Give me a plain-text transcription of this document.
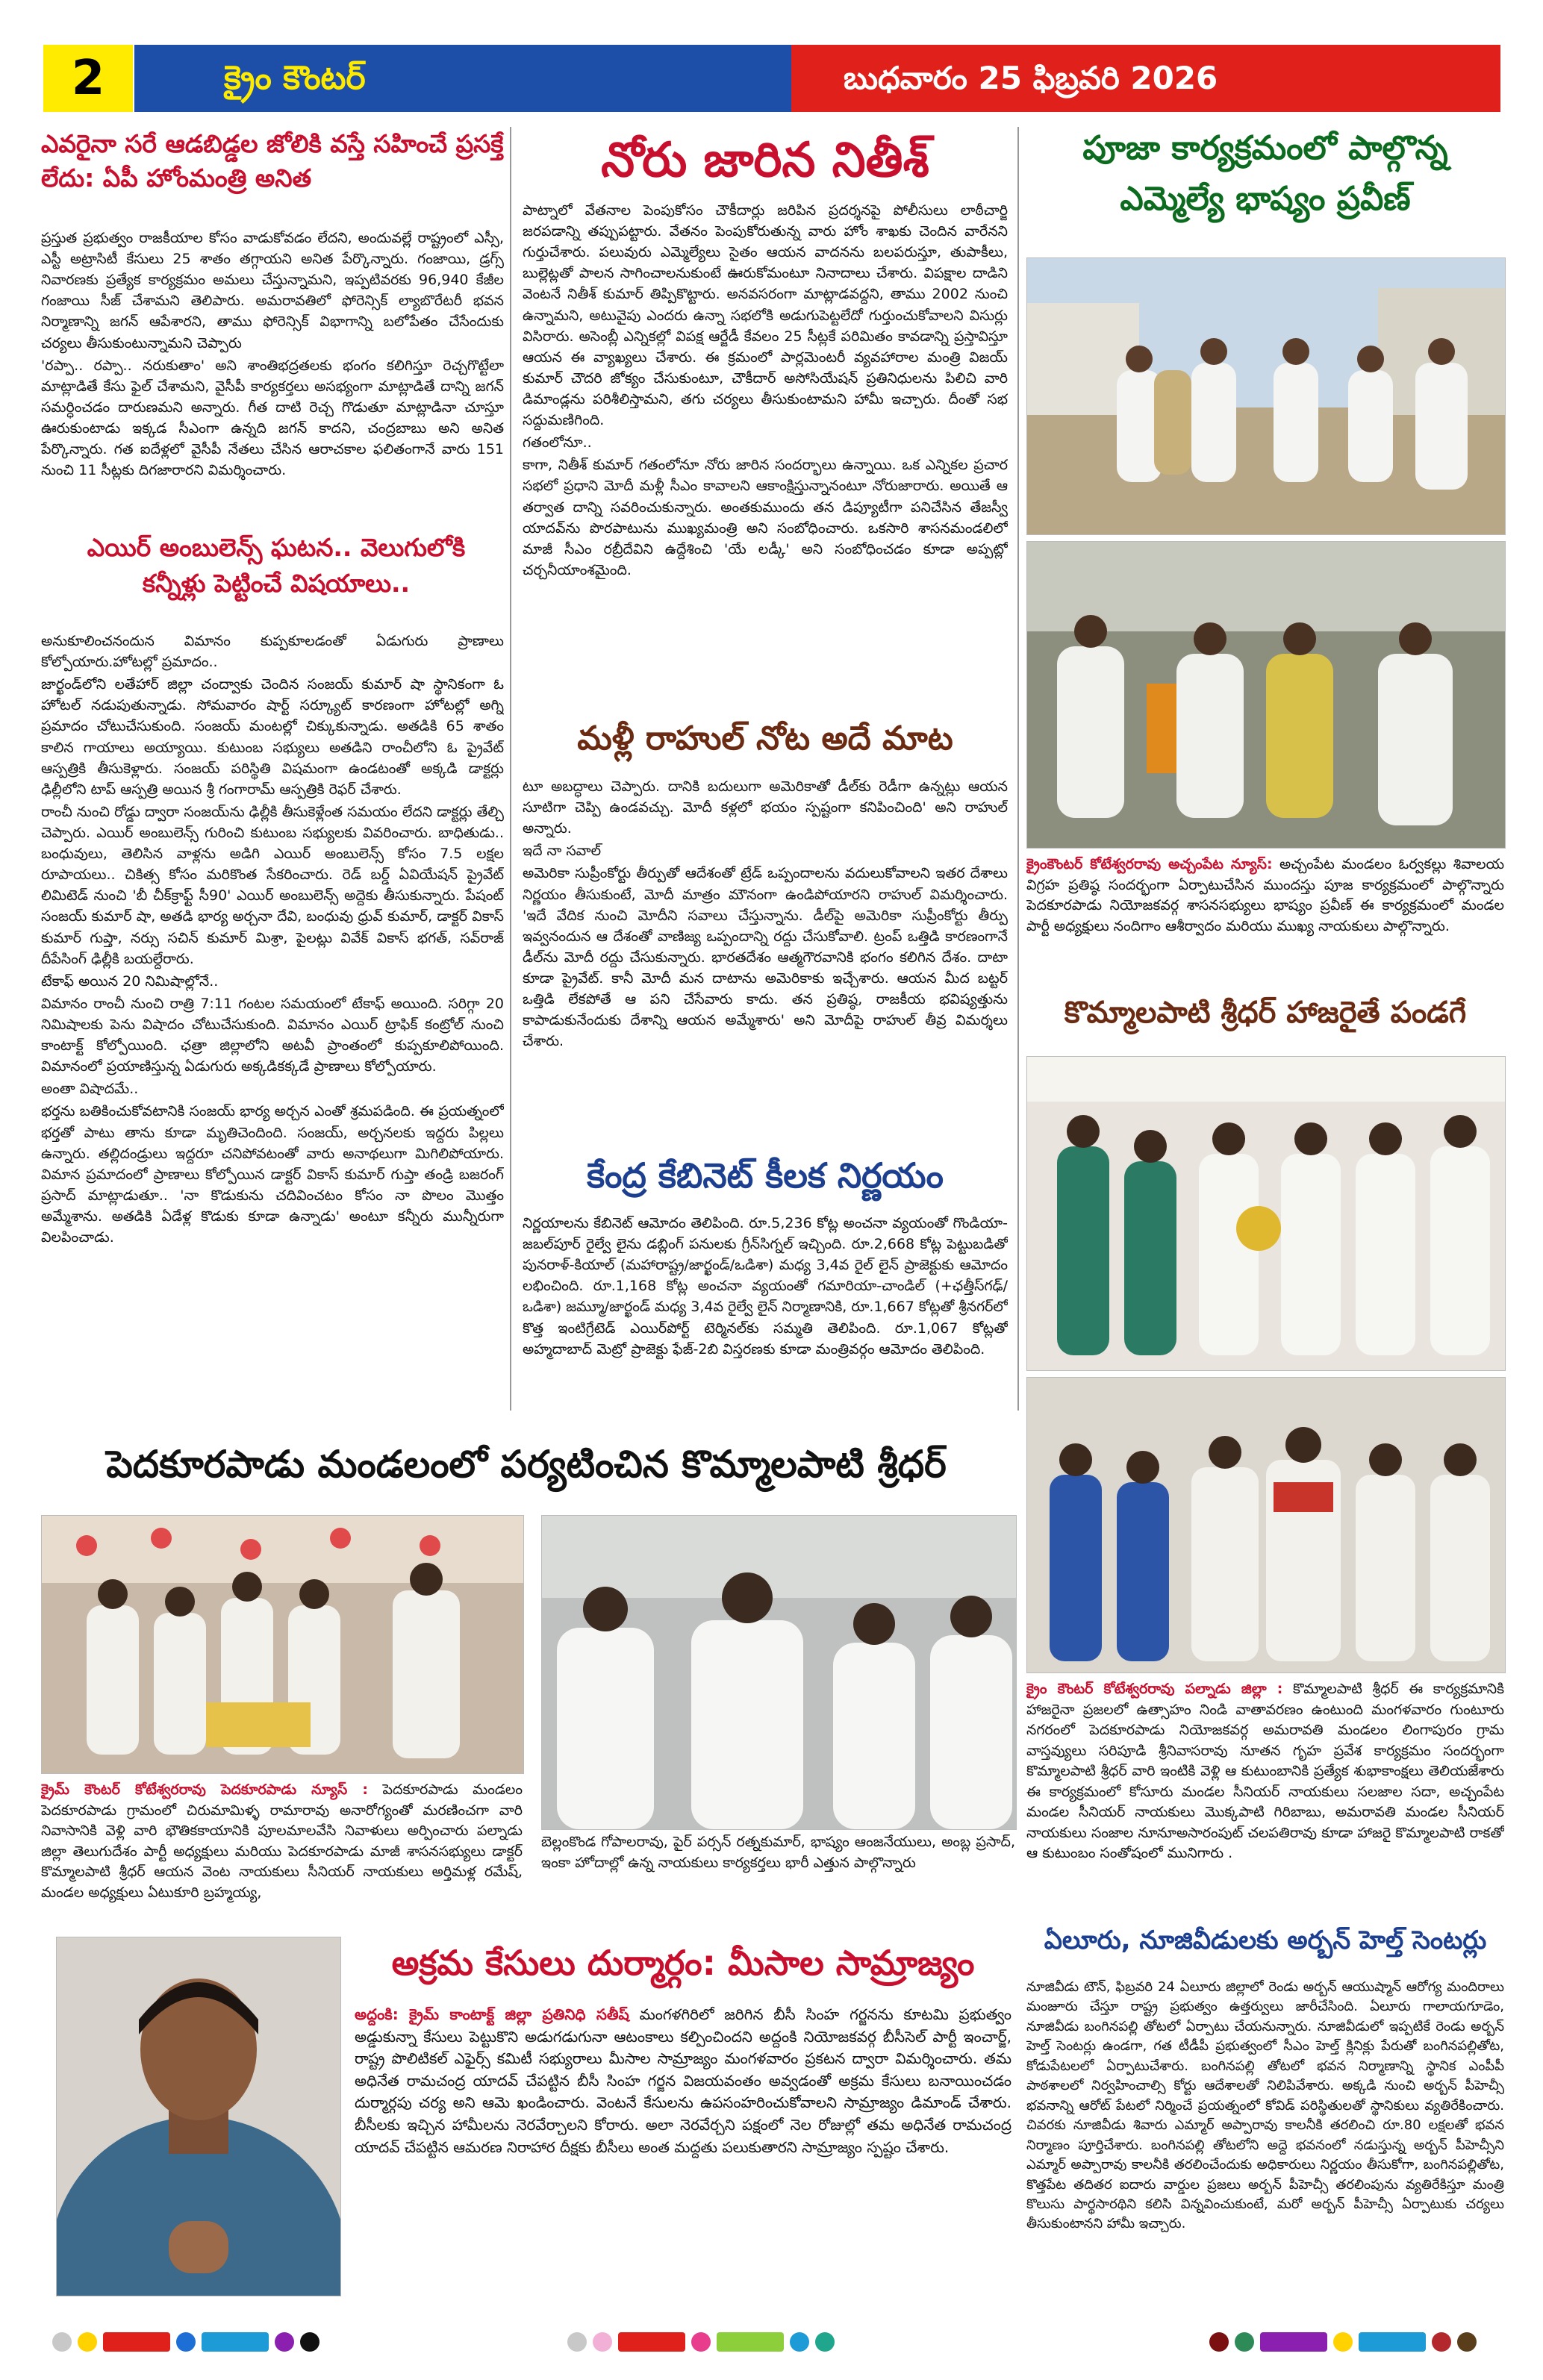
2	క్రైం కౌంటర్	బుధవారం 25 ఫిబ్రవరి 2026
ఎవరైనా సరే ఆడబిడ్డల జోలికి వస్తే సహించే ప్రసక్తే లేదు: ఏపీ హోంమంత్రి అనిత

ప్రస్తుత ప్రభుత్వం రాజకీయాల కోసం వాడుకోవడం లేదని, అందువల్లే రాష్ట్రంలో ఎస్సీ, ఎస్టీ అట్రాసిటీ కేసులు 25 శాతం తగ్గాయని అనిత పేర్కొన్నారు. గంజాయి, డ్రగ్స్ నివారణకు ప్రత్యేక కార్యక్రమం అమలు చేస్తున్నామని, ఇప్పటివరకు 96,940 కేజీల గంజాయి సీజ్ చేశామని తెలిపారు. అమరావతిలో ఫోరెన్సిక్ ల్యాబొరేటరీ భవన నిర్మాణాన్ని జగన్ ఆపేశారని, తాము ఫోరెన్సిక్ విభాగాన్ని బలోపేతం చేసేందుకు చర్యలు తీసుకుంటున్నామని చెప్పారు

'రప్పా.. రప్పా.. నరుకుతాం' అని శాంతిభద్రతలకు భంగం కలిగిస్తూ రెచ్చగొట్టేలా మాట్లాడితే కేసు ఫైల్ చేశామని, వైసీపీ కార్యకర్తలు అసభ్యంగా మాట్లాడితే దాన్ని జగన్ సమర్ధించడం దారుణమని అన్నారు. గీత దాటి రెచ్చ గొడుతూ మాట్లాడినా చూస్తూ ఊరుకుంటాడు ఇక్కడ సీఎంగా ఉన్నది జగన్ కాదని, చంద్రబాబు అని అనిత పేర్కొన్నారు. గత ఐదేళ్లలో వైసీపీ నేతలు చేసిన ఆరాచకాల ఫలితంగానే వారు 151 నుంచి 11 సీట్లకు దిగజారారని విమర్శించారు.

ఎయిర్ అంబులెన్స్ ఘటన.. వెలుగులోకి కన్నీళ్లు పెట్టించే విషయాలు..

అనుకూలించనందున విమానం కుప్పకూలడంతో ఏడుగురు ప్రాణాలు కోల్పోయారు.హోటల్లో ప్రమాదం..

జార్ఖండ్‌లోని లతేహార్ జిల్లా చంద్వాకు చెందిన సంజయ్ కుమార్ షా స్థానికంగా ఓ హోటల్ నడుపుతున్నాడు. సోమవారం షార్ట్ సర్క్యూట్ కారణంగా హోటల్లో అగ్ని ప్రమాదం చోటుచేసుకుంది. సంజయ్ మంటల్లో చిక్కుకున్నాడు. అతడికి 65 శాతం కాలిన గాయాలు అయ్యాయి. కుటుంబ సభ్యులు అతడిని రాంచీలోని ఓ ప్రైవేట్ ఆస్పత్రికి తీసుకెళ్లారు. సంజయ్ పరిస్థితి విషమంగా ఉండటంతో అక్కడి డాక్టర్లు ఢిల్లీలోని టాప్ ఆస్పత్రి అయిన శ్రీ గంగారామ్ ఆస్పత్రికి రెఫర్ చేశారు.

రాంచీ నుంచి రోడ్డు ద్వారా సంజయ్‌ను ఢిల్లీకి తీసుకెళ్లేంత సమయం లేదని డాక్టర్లు తేల్చి చెప్పారు. ఎయిర్ అంబులెన్స్ గురించి కుటుంబ సభ్యులకు వివరించారు. బాధితుడు.. బంధువులు, తెలిసిన వాళ్లను అడిగి ఎయిర్ అంబులెన్స్ కోసం 7.5 లక్షల రూపాయలు.. చికిత్స కోసం మరికొంత సేకరించారు. రెడ్ బర్డ్ ఏవియేషన్ ప్రైవేట్ లిమిటెడ్ నుంచి 'బీ చీక్‌క్రాఫ్ట్ సీ90' ఎయిర్ అంబులెన్స్ అద్దెకు తీసుకున్నారు. పేషంట్ సంజయ్ కుమార్ షా, అతడి భార్య అర్చనా దేవి, బంధువు ధ్రువ్ కుమార్, డాక్టర్ వికాస్ కుమార్ గుప్తా, నర్సు సచిన్ కుమార్ మిశ్రా, పైలట్లు వివేక్ వికాస్ భగత్, సవ్‌రాజ్ దీపేసింగ్ ఢిల్లీకి బయల్దేరారు.

టేకాఫ్ అయిన 20 నిమిషాల్లోనే..

విమానం రాంచీ నుంచి రాత్రి 7:11 గంటల సమయంలో టేకాఫ్ అయింది. సరిగ్గా 20 నిమిషాలకు పెను విషాదం చోటుచేసుకుంది. విమానం ఎయిర్ ట్రాఫిక్ కంట్రోల్ నుంచి కాంటాక్ట్ కోల్పోయింది. ఛత్రా జిల్లాలోని అటవీ ప్రాంతంలో కుప్పకూలిపోయింది. విమానంలో ప్రయాణిస్తున్న ఏడుగురు అక్కడికక్కడే ప్రాణాలు కోల్పోయారు.

అంతా విషాదమే..

భర్తను బతికించుకోవటానికి సంజయ్ భార్య అర్చన ఎంతో శ్రమపడింది. ఈ ప్రయత్నంలో భర్తతో పాటు తాను కూడా మృతిచెందింది. సంజయ్, అర్చనలకు ఇద్దరు పిల్లలు ఉన్నారు. తల్లిదండ్రులు ఇద్దరూ చనిపోవటంతో వారు అనాథలుగా మిగిలిపోయారు. విమాన ప్రమాదంలో ప్రాణాలు కోల్పోయిన డాక్టర్ వికాస్ కుమార్ గుప్తా తండ్రి బజరంగ్ ప్రసాద్ మాట్లాడుతూ.. 'నా కొడుకును చదివించటం కోసం నా పొలం మొత్తం అమ్మేశాను. అతడికి ఏడేళ్ల కొడుకు కూడా ఉన్నాడు' అంటూ కన్నీరు మున్నీరుగా విలపించాడు.

నోరు జారిన నితీశ్

పాట్నాలో వేతనాల పెంపుకోసం చౌకీదార్లు జరిపిన ప్రదర్శనపై పోలీసులు లాఠీచార్జి జరపడాన్ని తప్పుపట్టారు. వేతనం పెంపుకోరుతున్న వారు హోం శాఖకు చెందిన వారేనని గుర్తుచేశారు. పలువురు ఎమ్మెల్యేలు సైతం ఆయన వాదనను బలపరుస్తూ, తుపాకీలు, బుల్లెట్లతో పాలన సాగించాలనుకుంటే ఊరుకోమంటూ నినాదాలు చేశారు. విపక్షాల దాడిని వెంటనే నితీశ్ కుమార్ తిప్పికొట్టారు. అనవసరంగా మాట్లాడవద్దని, తాము 2002 నుంచి ఉన్నామని, అటువైపు ఎందరు ఉన్నా సభలోకి అడుగుపెట్టలేదో గుర్తుంచుకోవాలని విసుర్లు విసిరారు. అసెంబ్లీ ఎన్నికల్లో విపక్ష ఆర్జేడీ కేవలం 25 సీట్లకే పరిమితం కావడాన్ని ప్రస్తావిస్తూ ఆయన ఈ వ్యాఖ్యలు చేశారు. ఈ క్రమంలో పార్లమెంటరీ వ్యవహారాల మంత్రి విజయ్ కుమార్ చౌదరి జోక్యం చేసుకుంటూ, చౌకీదార్ అసోసియేషన్ ప్రతినిధులను పిలిచి వారి డిమాండ్లను పరిశీలిస్తామని, తగు చర్యలు తీసుకుంటామని హామీ ఇచ్చారు. దీంతో సభ సద్దుమణిగింది.

గతంలోనూ..

కాగా, నితీశ్ కుమార్ గతంలోనూ నోరు జారిన సందర్భాలు ఉన్నాయి. ఒక ఎన్నికల ప్రచార సభలో ప్రధాని మోదీ మళ్లీ సీఎం కావాలని ఆకాంక్షిస్తున్నానంటూ నోరుజారారు. అయితే ఆ తర్వాత దాన్ని సవరించుకున్నారు. అంతకుముందు తన డిప్యూటీగా పనిచేసిన తేజస్వీ యాదవ్‌ను పొరపాటును ముఖ్యమంత్రి అని సంబోధించారు. ఒకసారి శాసనమండలిలో మాజీ సీఎం రబ్రీదేవిని ఉద్దేశించి 'యే లడ్కీ' అని సంబోధించడం కూడా అప్పట్లో చర్చనీయాంశమైంది.

మళ్లీ రాహుల్ నోట అదే మాట

టూ అబద్ధాలు చెప్పారు. దానికి బదులుగా అమెరికాతో డీల్‌కు రెడీగా ఉన్నట్లు ఆయన సూటిగా చెప్పి ఉండవచ్చు. మోదీ కళ్లలో భయం స్పష్టంగా కనిపించింది' అని రాహుల్ అన్నారు.

ఇదే నా సవాల్

అమెరికా సుప్రీంకోర్టు తీర్పుతో ఆదేశంతో ట్రేడ్ ఒప్పందాలను వదులుకోవాలని ఇతర దేశాలు నిర్ణయం తీసుకుంటే, మోదీ మాత్రం మౌనంగా ఉండిపోయారని రాహుల్ విమర్శించారు. 'ఇదే వేదిక నుంచి మోదీని సవాలు చేస్తున్నాను. డీల్‌పై అమెరికా సుప్రీంకోర్టు తీర్పు ఇవ్వనందున ఆ దేశంతో వాణిజ్య ఒప్పందాన్ని రద్దు చేసుకోవాలి. ట్రంప్ ఒత్తిడి కారణంగానే డీల్‌ను మోదీ రద్దు చేసుకున్నారు. భారతదేశం ఆత్మగౌరవానికి భంగం కలిగిన దేశం. దాటా కూడా ప్రైవేట్. కానీ మోదీ మన దాటాను అమెరికాకు ఇచ్చేశారు. ఆయన మీద బట్టర్ ఒత్తిడి లేకపోతే ఆ పని చేసేవారు కాదు. తన ప్రతిష్ఠ, రాజకీయ భవిష్యత్తును కాపాడుకునేందుకు దేశాన్ని ఆయన అమ్మేశారు' అని మోదీపై రాహుల్ తీవ్ర విమర్శలు చేశారు.

కేంద్ర కేబినెట్ కీలక నిర్ణయం

నిర్ణయాలను కేబినెట్ ఆమోదం తెలిపింది. రూ.5,236 కోట్ల అంచనా వ్యయంతో గొండియా-జబల్‌పూర్ రైల్వే లైను డబ్లింగ్ పనులకు గ్రీన్‌సిగ్నల్ ఇచ్చింది. రూ.2,668 కోట్ల పెట్టుబడితో పునరాళ్-కియాల్ (మహారాష్ట్ర/జార్ఖండ్/ఒడిశా) మధ్య 3,4వ రైల్ లైన్ ప్రాజెక్టుకు ఆమోదం లభించింది. రూ.1,168 కోట్ల అంచనా వ్యయంతో గమారియా-చాండిల్ (+ఛత్తీస్‌గఢ్/ఒడిశా) జమ్మూ/జార్ఖండ్ మధ్య 3,4వ రైల్వే లైన్ నిర్మాణానికి, రూ.1,667 కోట్లతో శ్రీనగర్‌లో కొత్త ఇంటిగ్రేటెడ్ ఎయిర్‌పోర్ట్ టెర్మినల్‌కు సమ్మతి తెలిపింది. రూ.1,067 కోట్లతో అహ్మదాబాద్ మెట్రో ప్రాజెక్టు ఫేజ్-2బి విస్తరణకు కూడా మంత్రివర్గం ఆమోదం తెలిపింది.

పూజా కార్యక్రమంలో పాల్గొన్న ఎమ్మెల్యే భాష్యం ప్రవీణ్
క్రైంకౌంటర్ కోటేశ్వరరావు అచ్చంపేట న్యూస్: అచ్చంపేట మండలం ఓర్వకల్లు శివాలయ విగ్రహ ప్రతిష్ఠ సందర్భంగా ఏర్పాటుచేసిన ముందస్తు పూజ కార్యక్రమంలో పాల్గొన్నారు పెదకూరపాడు నియోజకవర్గ శాసనసభ్యులు భాష్యం ప్రవీణ్ ఈ కార్యక్రమంలో మండల పార్టీ అధ్యక్షులు నందిగాం ఆశీర్వాదం మరియు ముఖ్య నాయకులు పాల్గొన్నారు.
కొమ్మాలపాటి శ్రీధర్ హాజరైతే పండగే
క్రైం కౌంటర్ కోటేశ్వరరావు పల్నాడు జిల్లా : కొమ్మాలపాటి శ్రీధర్ ఈ కార్యక్రమానికి హాజరైనా ప్రజలలో ఉత్సాహం నిండి వాతావరణం ఉంటుంది మంగళవారం గుంటూరు నగరంలో పెదకూరపాడు నియోజకవర్గ అమరావతి మండలం లింగాపురం గ్రామ వాస్తవ్యులు సరిపూడి శ్రీనివాసరావు నూతన గృహ ప్రవేశ కార్యక్రమం సందర్భంగా కొమ్మాలపాటి శ్రీధర్ వారి ఇంటికి వెళ్లి ఆ కుటుంబానికి ప్రత్యేక శుభాకాంక్షలు తెలియజేశారు ఈ కార్యక్రమంలో కోసూరు మండల సీనియర్ నాయకులు సలజాల సదా, అచ్చంపేట మండల సీనియర్ నాయకులు మొక్కపాటి గిరిబాబు, అమరావతి మండల సీనియర్ నాయకులు సంజాల నూనూఅసారంపుట్ చలపతిరావు కూడా హాజరై కొమ్మాలపాటి రాకతో ఆ కుటుంబం సంతోషంలో మునిగారు .
పెదకూరపాడు మండలంలో పర్యటించిన కొమ్మాలపాటి శ్రీధర్
క్రైమ్ కౌంటర్ కోటేశ్వరరావు పెదకూరపాడు న్యూస్ : పెదకూరపాడు మండలం పెదకూరపాడు గ్రామంలో చిరుమామిళ్ళ రామారావు అనారోగ్యంతో మరణించగా వారి నివాసానికి వెళ్లి వారి భౌతికకాయానికి పూలమాలవేసి నివాళులు అర్పించారు పల్నాడు జిల్లా తెలుగుదేశం పార్టీ అధ్యక్షులు మరియు పెదకూరపాడు మాజీ శాసనసభ్యులు డాక్టర్ కొమ్మాలపాటి శ్రీధర్ ఆయన వెంట నాయకులు సీనియర్ నాయకులు అర్తిమళ్ల రమేష్, మండల అధ్యక్షులు ఏటుకూరి బ్రహ్మయ్య,
బెల్లంకొండ గోపాలరావు, పైర్ పర్సన్ రత్నకుమార్, భాష్యం ఆంజనేయులు, అంబ్ల ప్రసాద్, ఇంకా హోదాల్లో ఉన్న నాయకులు కార్యకర్తలు భారీ ఎత్తున పాల్గొన్నారు
అక్రమ కేసులు దుర్మార్గం: మీసాల సామ్రాజ్యం
అద్దంకి: క్రైమ్ కాంటాక్ట్ జిల్లా ప్రతినిధి సతీష్ మంగళగిరిలో జరిగిన బీసీ సింహ గర్జనను కూటమి ప్రభుత్వం అడ్డుకున్నా కేసులు పెట్టుకొని అడుగడుగునా ఆటంకాలు కల్పించిందని అద్దంకి నియోజకవర్గ బీసీసెల్ పార్టీ ఇంచార్జ్, రాష్ట్ర పొలిటికల్ ఎఫైర్స్ కమిటీ సభ్యురాలు మీసాల సామ్రాజ్యం మంగళవారం ప్రకటన ద్వారా విమర్శించారు. తమ అధినేత రామచంద్ర యాదవ్ చేపట్టిన బీసీ సింహ గర్జన విజయవంతం అవ్వడంతో అక్రమ కేసులు బనాయించడం దుర్మార్గపు చర్య అని ఆమె ఖండించారు. వెంటనే కేసులను ఉపసంహరించుకోవాలని సామ్రాజ్యం డిమాండ్ చేశారు. బీసీలకు ఇచ్చిన హామీలను నెరవేర్చాలని కోరారు. అలా నెరవేర్చని పక్షంలో నెల రోజుల్లో తమ అధినేత రామచంద్ర యాదవ్ చేపట్టిన ఆమరణ నిరాహార దీక్షకు బీసీలు అంత మద్దతు పలుకుతారని సామ్రాజ్యం స్పష్టం చేశారు.
ఏలూరు, నూజివీడులకు అర్బన్ హెల్త్ సెంటర్లు
నూజివీడు టౌన్, ఫిబ్రవరి 24 ఏలూరు జిల్లాలో రెండు అర్బన్ ఆయుష్మాన్ ఆరోగ్య మందిరాలు మంజూరు చేస్తూ రాష్ట్ర ప్రభుత్వం ఉత్తర్వులు జారీచేసింది. ఏలూరు గాలాయగూడెం, నూజివీడు బంగినపల్లి తోటలో ఏర్పాటు చేయనున్నారు. నూజివీడులో ఇప్పటికే రెండు అర్బన్ హెల్త్ సెంటర్లు ఉండగా, గత టీడీపీ ప్రభుత్వంలో సీఎం హెల్త్ క్లినిక్లు పేరుతో బంగినపల్లితోట, కోడుపేటలలో ఏర్పాటుచేశారు. బంగినపల్లి తోటలో భవన నిర్మాణాన్ని స్థానిక ఎంపీపీ పాఠశాలలో నిర్వహించాల్సి కోర్టు ఆదేశాలతో నిలిపివేశారు. అక్కడి నుంచి అర్బన్ పీహెచ్సీ భవనాన్ని ఆరోట్ పేటలో నిర్మించే ప్రయత్నంలో కోవిడ్ పరిస్థితులతో స్థానికులు వ్యతిరేకించారు. చివరకు నూజివీడు శివారు ఎమ్మార్ అప్పారావు కాలనీకి తరలించి రూ.80 లక్షలతో భవన నిర్మాణం పూర్తిచేశారు. బంగినపల్లి తోటలోని అద్దె భవనంలో నడుస్తున్న అర్బన్ పీహెచ్సీని ఎమ్మార్ అప్పారావు కాలనీకి తరలించేందుకు అధికారులు నిర్ణయం తీసుకోగా, బంగినపల్లితోట, కొత్తపేట తదితర ఐదారు వార్డుల ప్రజలు అర్బన్ పీహెచ్సీ తరలింపును వ్యతిరేకిస్తూ మంత్రి కొలుసు పార్థసారథిని కలిసి విన్నవించుకుంటే, మరో అర్బన్ పీహెచ్సీ ఏర్పాటుకు చర్యలు తీసుకుంటానని హామీ ఇచ్చారు.
